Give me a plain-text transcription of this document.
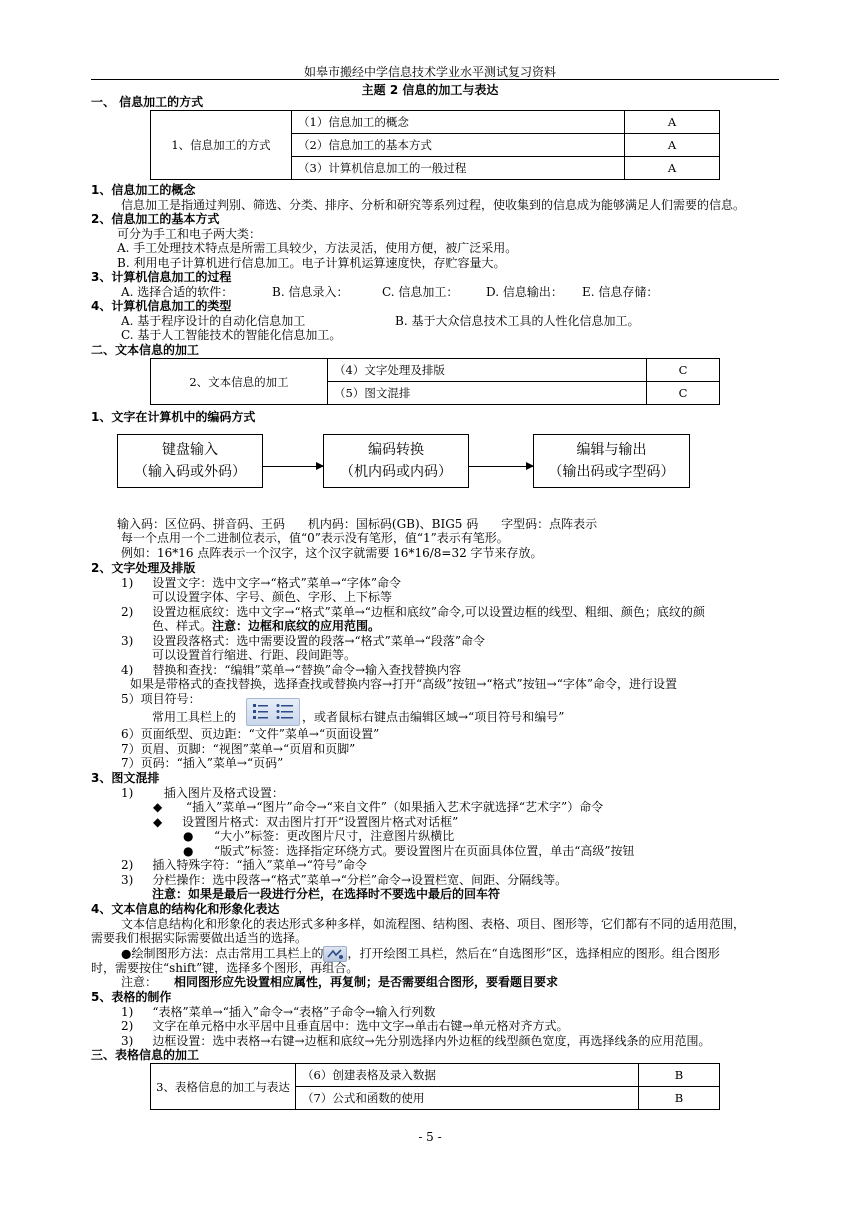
如皋市搬经中学信息技术学业水平测试复习资料
主题 2 信息的加工与表达
一、 信息加工的方式
1、信息加工的方式	（1）信息加工的概念	A
	（2）信息加工的基本方式	A
	（3）计算机信息加工的一般过程	A
1、信息加工的概念
信息加工是指通过判别、筛选、分类、排序、分析和研究等系列过程，使收集到的信息成为能够满足人们需要的信息。
2、信息加工的基本方式
可分为手工和电子两大类：
A. 手工处理技术特点是所需工具较少，方法灵活，使用方便，被广泛采用。
B. 利用电子计算机进行信息加工。电子计算机运算速度快，存贮容量大。
3、计算机信息加工的过程
A. 选择合适的软件：	B. 信息录入：	C. 信息加工： D. 信息输出： E. 信息存储：
4、计算机信息加工的类型
A. 基于程序设计的自动化信息加工	B. 基于大众信息技术工具的人性化信息加工。
C. 基于人工智能技术的智能化信息加工。
二、文本信息的加工
2、文本信息的加工	（4）文字处理及排版	C
	（5）图文混排	C
1、文字在计算机中的编码方式
键盘输入
（输入码或外码）
编码转换
（机内码或内码）
编辑与输出
（输出码或字型码）
输入码：区位码、拼音码、王码      机内码：国标码(GB)、BIG5 码      字型码：点阵表示
每一个点用一个二进制位表示，值“0”表示没有笔形，值“1”表示有笔形。
例如：16*16 点阵表示一个汉字，这个汉字就需要 16*16/8=32 字节来存放。
2、文字处理及排版
1)     设置文字：选中文字→“格式”菜单→“字体”命令
可以设置字体、字号、颜色、字形、上下标等
2)     设置边框底纹：选中文字→“格式”菜单→“边框和底纹”命令,可以设置边框的线型、粗细、颜色；底纹的颜
色、样式。注意：边框和底纹的应用范围。
3)     设置段落格式：选中需要设置的段落→“格式”菜单→“段落”命令
可以设置首行缩进、行距、段间距等。
4)     替换和查找：“编辑”菜单→“替换”命令→输入查找替换内容
如果是带格式的查找替换，选择查找或替换内容→打开“高级”按钮→“格式”按钮→“字体”命令，进行设置
5）项目符号：
常用工具栏上的	，或者鼠标右键点击编辑区域→“项目符号和编号”
6）页面纸型、页边距：“文件”菜单→“页面设置”
7）页眉、页脚：“视图”菜单→“页眉和页脚”
7）页码：“插入”菜单→“页码”
3、图文混排
1)        插入图片及格式设置：
◆ “插入”菜单→“图片”命令→“来自文件”（如果插入艺术字就选择“艺术字”）命令
◆ 设置图片格式：双击图片打开“设置图片格式对话框”
● “大小”标签：更改图片尺寸，注意图片纵横比
● “版式”标签：选择指定环绕方式。要设置图片在页面具体位置，单击“高级”按钮
2)     插入特殊字符：“插入”菜单→“符号”命令
3)     分栏操作：选中段落→“格式”菜单→“分栏”命令→设置栏宽、间距、分隔线等。
注意：如果是最后一段进行分栏，在选择时不要选中最后的回车符
4、文本信息的结构化和形象化表达
文本信息结构化和形象化的表达形式多种多样，如流程图、结构图、表格、项目、图形等，它们都有不同的适用范围，
需要我们根据实际需要做出适当的选择。
●绘制图形方法：点击常用工具栏上的 ，打开绘图工具栏，然后在“自选图形”区，选择相应的图形。组合图形
时，需要按住“shift”键，选择多个图形，再组合。
注意： 相同图形应先设置相应属性，再复制；是否需要组合图形，要看题目要求
5、表格的制作
1)     “表格”菜单→“插入”命令→“表格”子命令→输入行列数
2)     文字在单元格中水平居中且垂直居中：选中文字→单击右键→单元格对齐方式。
3)     边框设置：选中表格→右键→边框和底纹→先分别选择内外边框的线型颜色宽度，再选择线条的应用范围。
三、表格信息的加工
3、表格信息的加工与表达	（6）创建表格及录入数据	B
	（7）公式和函数的使用	B
- 5 -
